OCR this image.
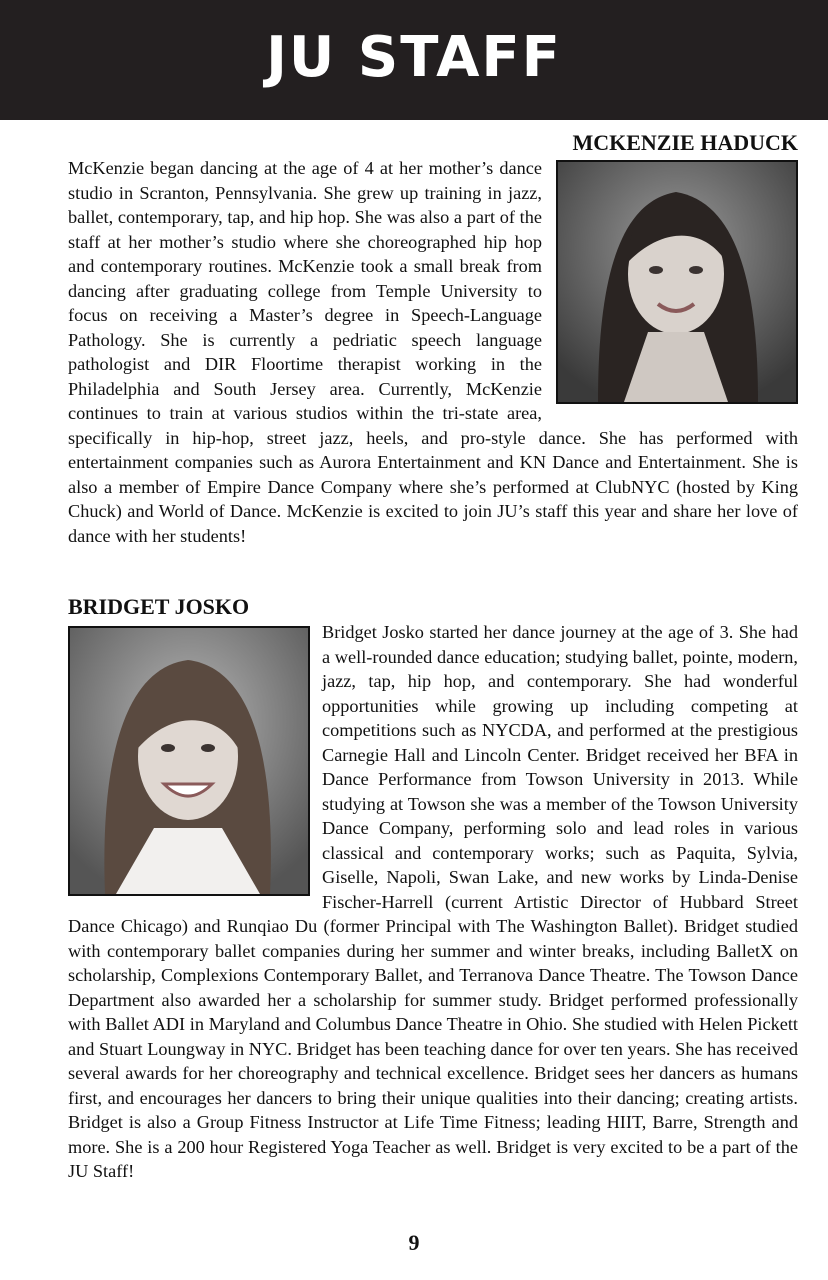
JU STAFF
MCKENZIE HADUCK

McKenzie began dancing at the age of 4 at her mother’s dance studio in Scranton, Pennsylvania. She grew up training in jazz, ballet, contemporary, tap, and hip hop. She was also a part of the staff at her mother’s studio where she choreographed hip hop and contemporary routines. McKenzie took a small break from dancing after graduating college from Temple University to focus on receiving a Master’s degree in Speech-Language Pathology. She is currently a pedriatic speech language pathologist and DIR Floortime therapist working in the Philadelphia and South Jersey area. Currently, McKenzie continues to train at various studios within the tri-state area, specifically in hip-hop, street jazz, heels, and pro-style dance. She has performed with entertainment companies such as Aurora Entertainment and KN Dance and Entertainment. She is also a member of Empire Dance Company where she’s performed at ClubNYC (hosted by King Chuck) and World of Dance. McKenzie is excited to join JU’s staff this year and share her love of dance with her students!

BRIDGET JOSKO

Bridget Josko started her dance journey at the age of 3. She had a well-rounded dance education; studying ballet, pointe, modern, jazz, tap, hip hop, and contemporary. She had wonderful opportunities while growing up including competing at competitions such as NYCDA, and performed at the prestigious Carnegie Hall and Lincoln Center. Bridget received her BFA in Dance Performance from Towson University in 2013. While studying at Towson she was a member of the Towson University Dance Company, performing solo and lead roles in various classical and contemporary works; such as Paquita, Sylvia, Giselle, Napoli, Swan Lake, and new works by Linda-Denise Fischer-Harrell (current Artistic Director of Hubbard Street Dance Chicago) and Runqiao Du (former Principal with The Washington Ballet). Bridget studied with contemporary ballet companies during her summer and winter breaks, including BalletX on scholarship, Complexions Contemporary Ballet, and Terranova Dance Theatre. The Towson Dance Department also awarded her a scholarship for summer study. Bridget performed professionally with Ballet ADI in Maryland and Columbus Dance Theatre in Ohio. She studied with Helen Pickett and Stuart Loungway in NYC. Bridget has been teaching dance for over ten years. She has received several awards for her choreography and technical excellence. Bridget sees her dancers as humans first, and encourages her dancers to bring their unique qualities into their dancing; creating artists. Bridget is also a Group Fitness Instructor at Life Time Fitness; leading HIIT, Barre, Strength and more. She is a 200 hour Registered Yoga Teacher as well. Bridget is very excited to be a part of the JU Staff!

9
